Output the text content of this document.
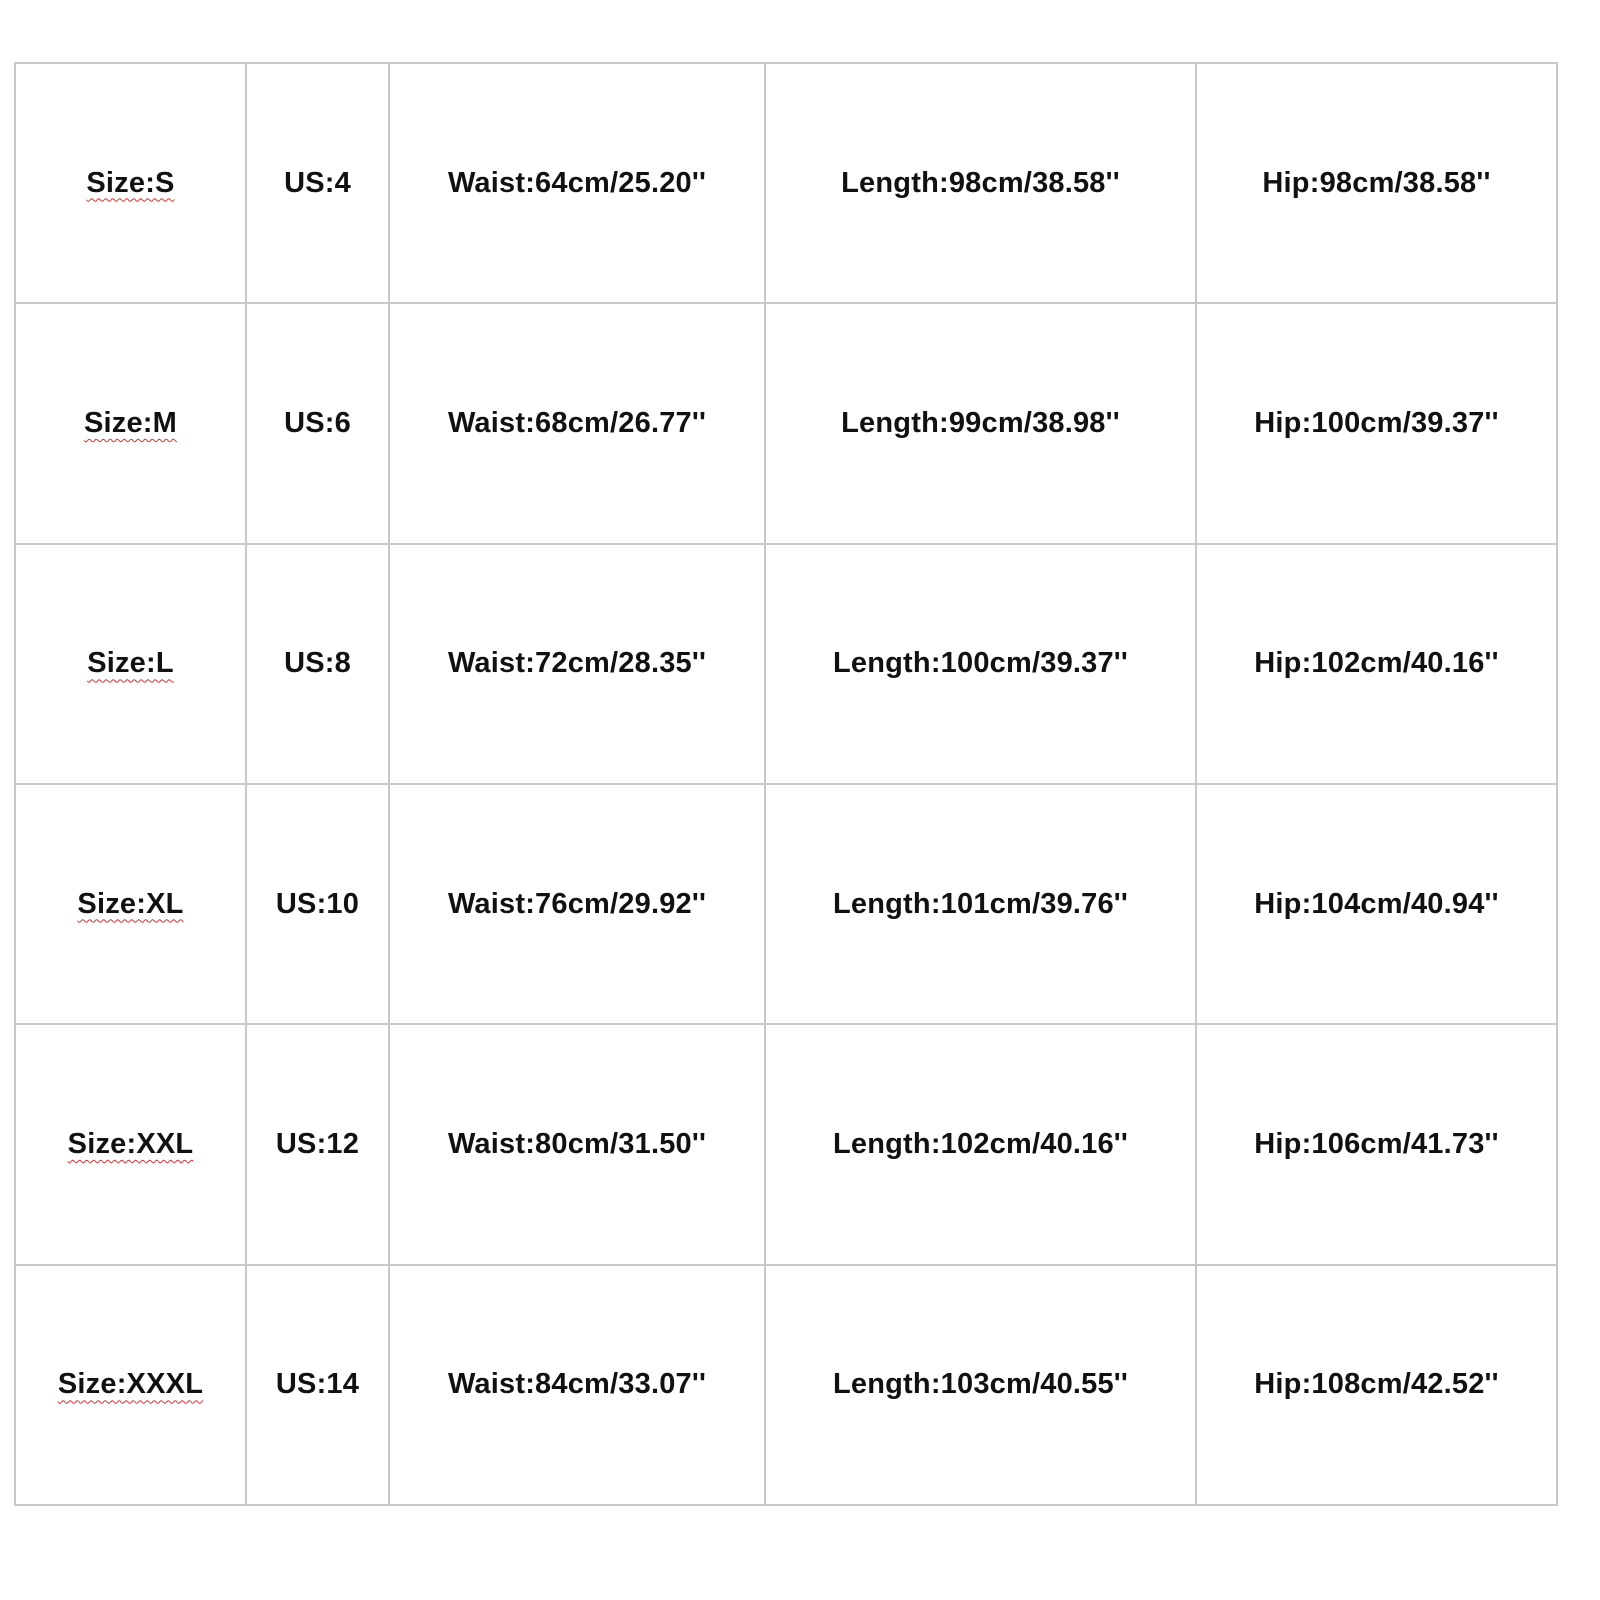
Size:S	US:4	Waist:64cm/25.20''	Length:98cm/38.58''	Hip:98cm/38.58''
Size:M	US:6	Waist:68cm/26.77''	Length:99cm/38.98''	Hip:100cm/39.37''
Size:L	US:8	Waist:72cm/28.35''	Length:100cm/39.37''	Hip:102cm/40.16''
Size:XL	US:10	Waist:76cm/29.92''	Length:101cm/39.76''	Hip:104cm/40.94''
Size:XXL	US:12	Waist:80cm/31.50''	Length:102cm/40.16''	Hip:106cm/41.73''
Size:XXXL	US:14	Waist:84cm/33.07''	Length:103cm/40.55''	Hip:108cm/42.52''
